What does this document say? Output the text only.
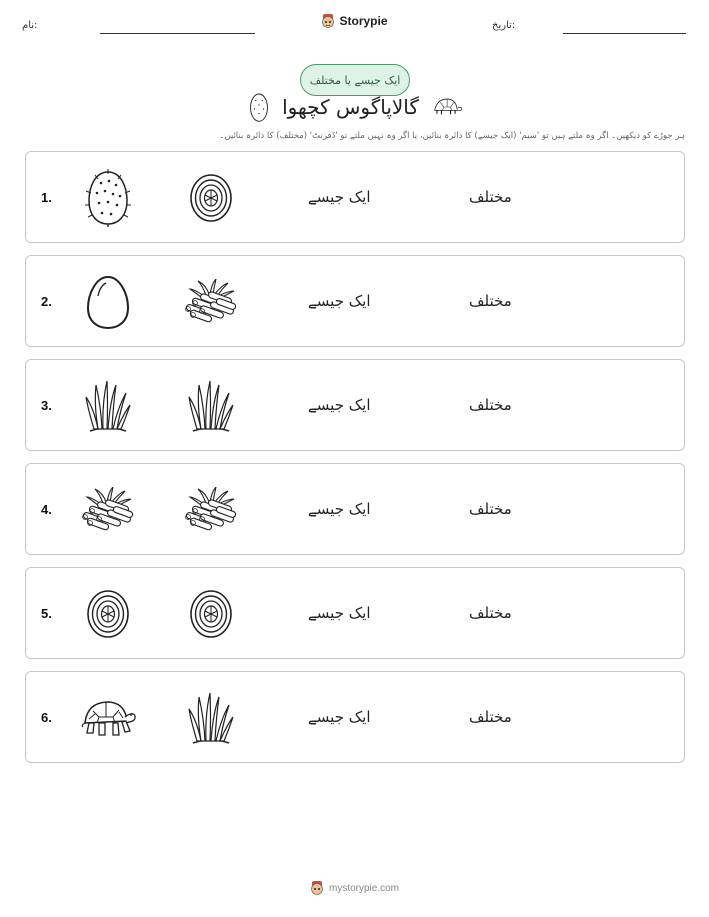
نام:	Storypie	تاریخ:
ایک جیسے یا مختلف
گالاپاگوس کچھوا
ہر جوڑے کو دیکھیں۔ اگر وہ ملتے ہیں تو 'سیم' (ایک جیسے) کا دائرہ بنائیں، یا اگر وہ نہیں ملتے تو 'ڈفرنٹ' (مختلف) کا دائرہ بنائیں۔
1.	ایک جیسے	مختلف
2.	ایک جیسے	مختلف
3.	ایک جیسے	مختلف
4.	ایک جیسے	مختلف
5.	ایک جیسے	مختلف
6.	ایک جیسے	مختلف
mystorypie.com
